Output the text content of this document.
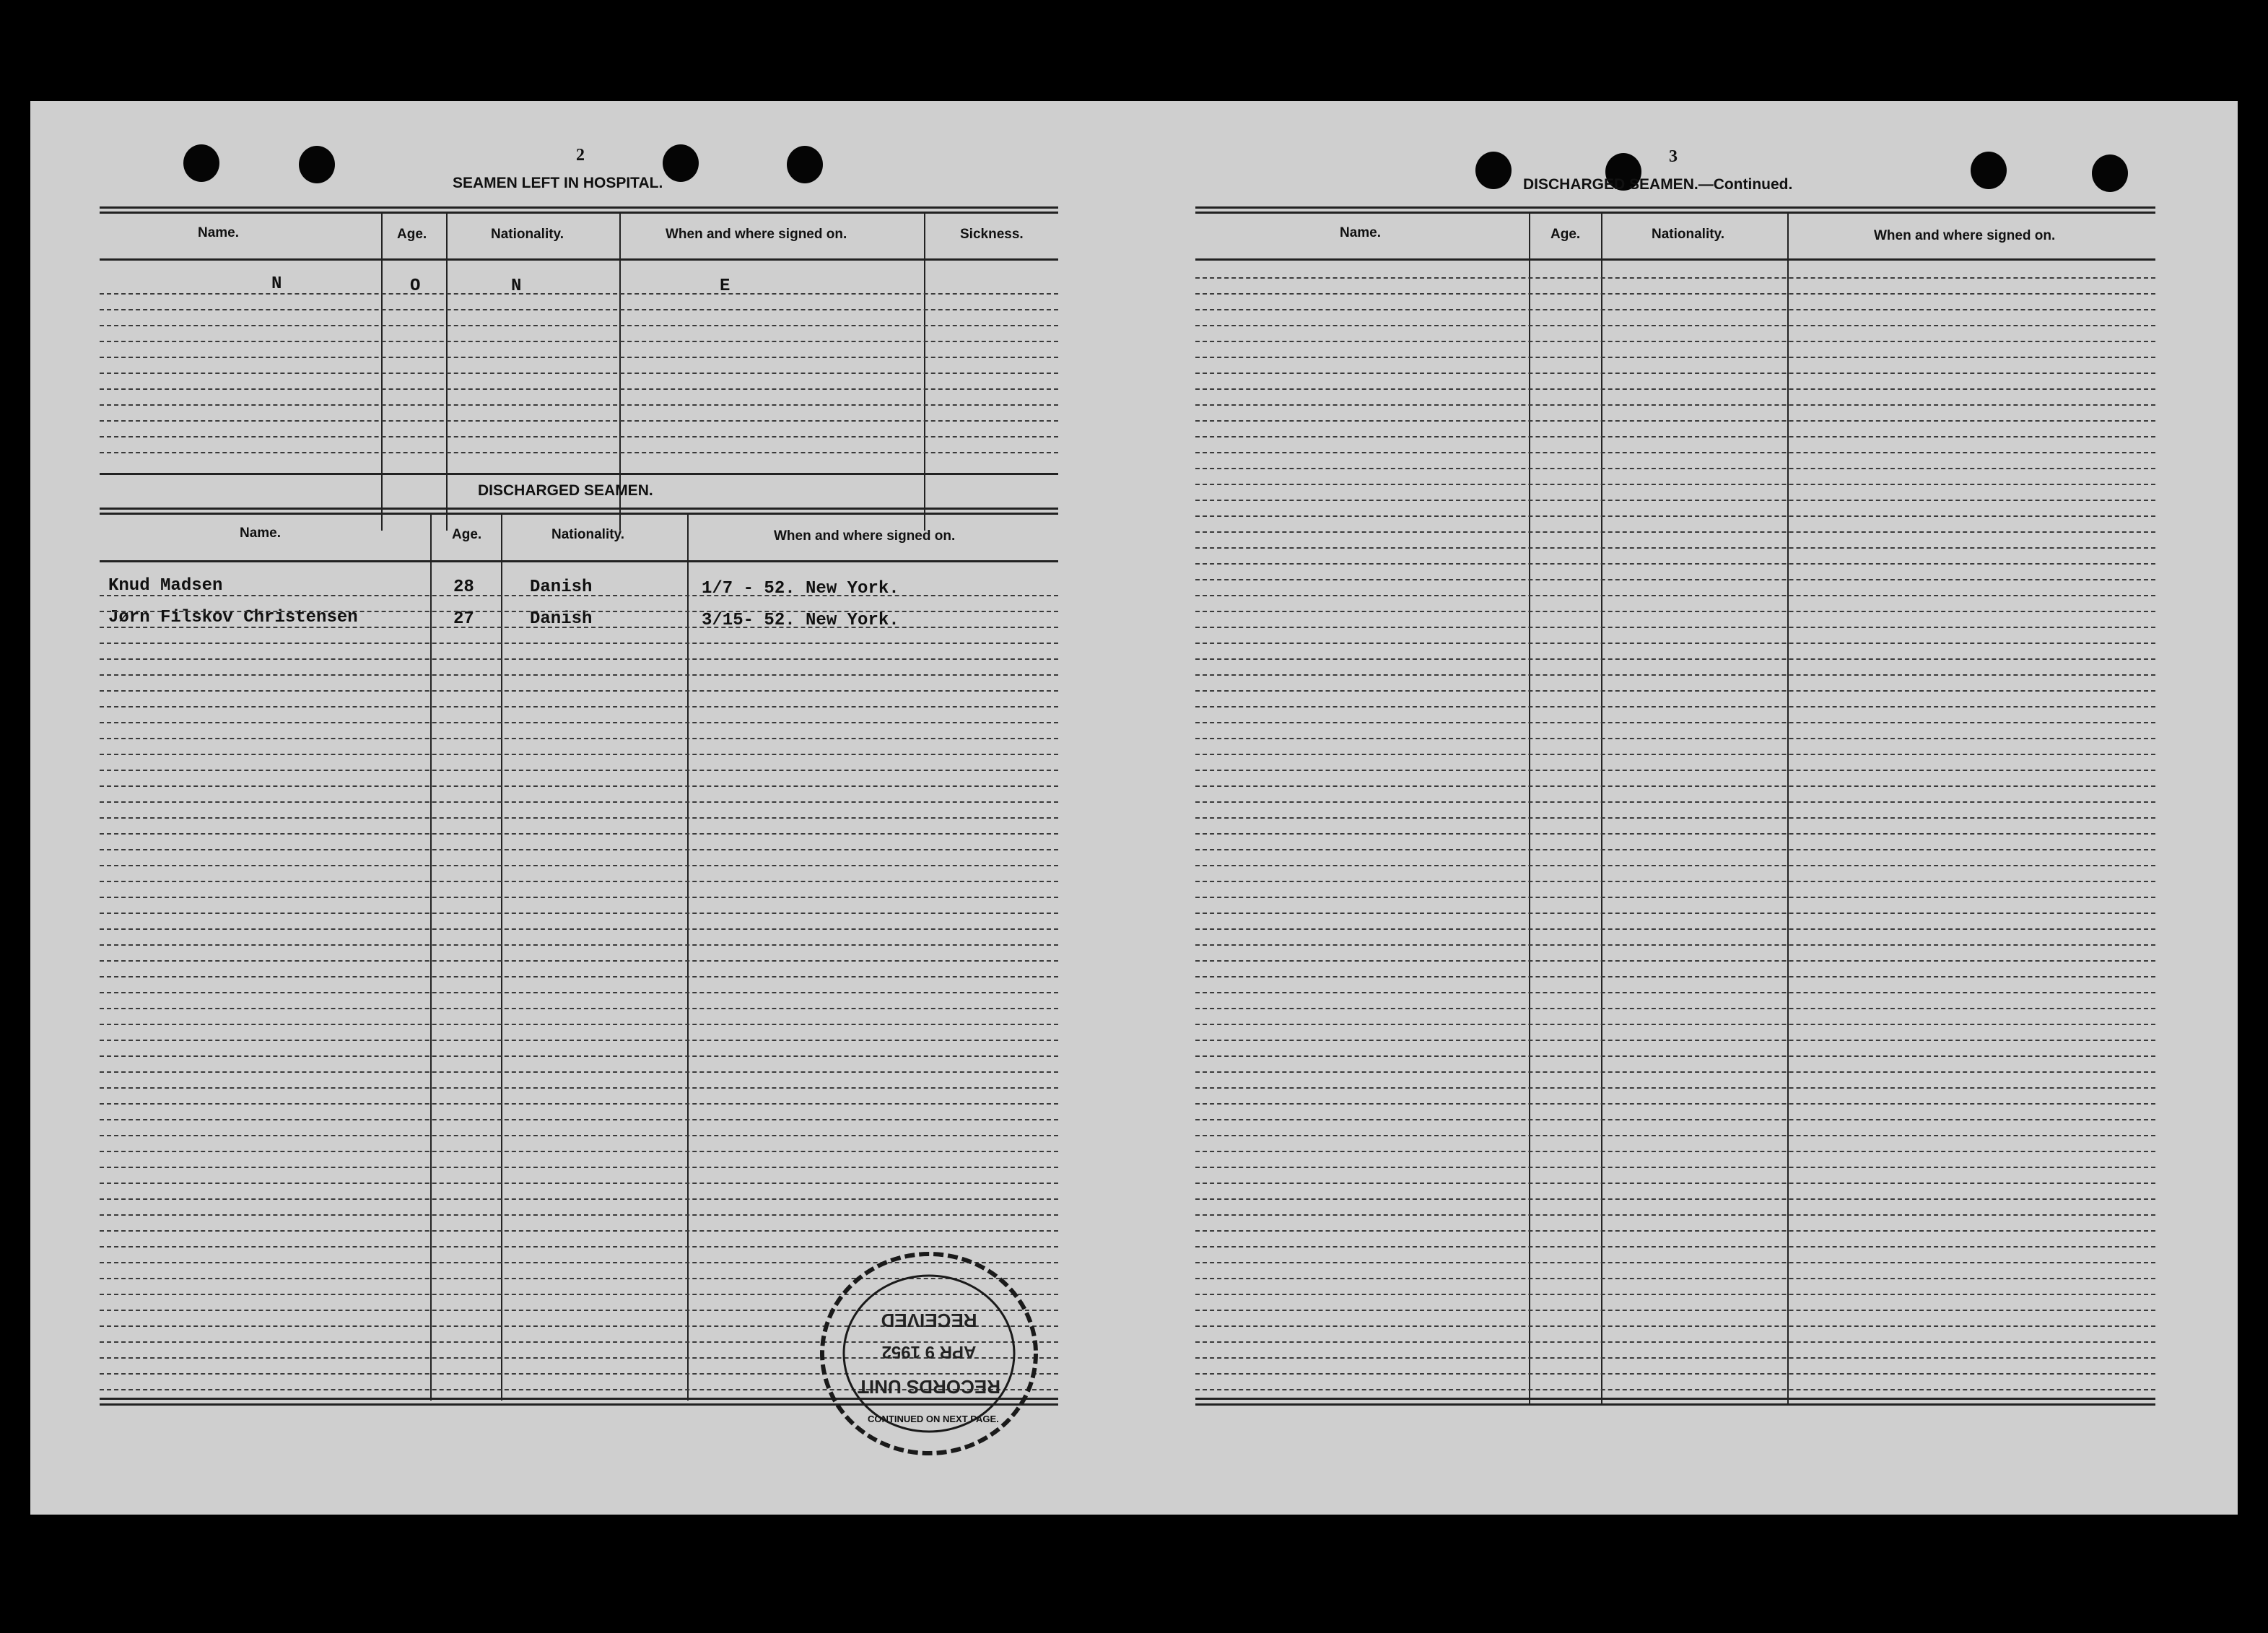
2
SEAMEN LEFT IN HOSPITAL.
Name.	Age.	Nationality.	When and where signed on.	Sickness.
N	O	N	E
DISCHARGED SEAMEN.
Name.	Age.	Nationality.	When and where signed on.
Knud Madsen	28	Danish	1/7 - 52. New York.
Jørn Filskov Christensen	27	Danish	3/15- 52. New York.
CONTINUED ON NEXT PAGE.
RECEIVED
APR 9 1952
RECORDS UNIT
3
DISCHARGED SEAMEN.—Continued.
Name.	Age.	Nationality.	When and where signed on.
